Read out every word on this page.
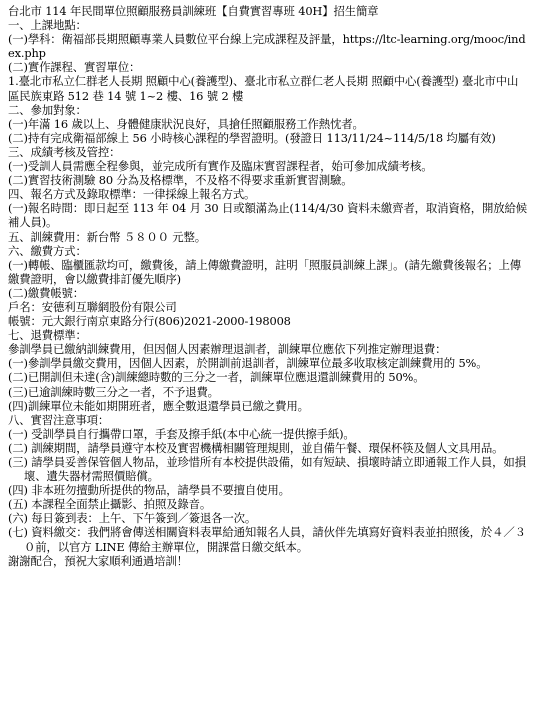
台北市 114 年民間單位照顧服務員訓練班【自費實習專班 40H】招生簡章

一、上課地點：

(一)學科：衛福部長期照顧專業人員數位平台線上完成課程及評量，https://ltc-learning.org/mooc/index.php

(二)實作課程、實習單位：

1.臺北市私立仁群老人長期 照顧中心(養護型)、臺北市私立群仁老人長期 照顧中心(養護型) 臺北市中山區民族東路 512 巷 14 號 1~2 樓、16 號 2 樓

二、參加對象：

(一)年滿 16 歲以上、身體健康狀況良好，具搶任照顧服務工作熱忱者。

(二)持有完成衛福部線上 56 小時核心課程的學習證明。(發證日 113/11/24~114/5/18 均屬有效)

三、成績考核及管控：

(一)受訓人員需應全程參與，並完成所有實作及臨床實習課程者，始可參加成績考核。

(二)實習技術測驗 80 分為及格標準，不及格不得要求重新實習測驗。

四、報名方式及錄取標準：一律採線上報名方式。

(一)報名時間：即日起至 113 年 04 月 30 日或額滿為止(114/4/30 資料未繳齊者，取消資格，開放給候補人員)。

五、訓練費用：新台幣 ５８００ 元整。

六、繳費方式：

(一)轉帳、臨櫃匯款均可，繳費後，請上傳繳費證明，註明「照服員訓練上課」。(請先繳費後報名；上傳繳費證明，會以繳費排訂優先順序)

(二)繳費帳號：

戶名：安德利互聯網股份有限公司

帳號：元大銀行南京東路分行(806)2021-2000-198008

七、退費標準：

參訓學員已繳納訓練費用，但因個人因素辦理退訓者，訓練單位應依下列推定辦理退費：

(一)參訓學員繳交費用，因個人因素，於開訓前退訓者，訓練單位最多收取核定訓練費用的 5%。

(二)已開訓但未達(含)訓練總時數的三分之一者，訓練單位應退還訓練費用的 50%。

(三)已逾訓練時數三分之一者，不予退費。

(四)訓練單位未能如期開班者，應全數退還學員已繳之費用。

八、實習注意事項：

(一) 受訓學員自行攜帶口罩，手套及擦手紙(本中心統一提供擦手紙)。

(二) 訓練期間，請學員遵守本校及實習機構相關管理規則，並自備午餐、環保杯筷及個人文具用品。

(三) 請學員妥善保管個人物品，並珍惜所有本校提供設備，如有短缺、損壞時請立即通報工作人員，如損壞、遺失器材需照價賠償。

(四) 非本班勿擅動所提供的物品，請學員不要擅自使用。

(五) 本課程全面禁止攝影、拍照及錄音。

(六) 每日簽到表：上午、下午簽到／簽退各一次。

(七) 資料繳交：我們將會傳送相關資料表單給通知報名人員，請伙伴先填寫好資料表並拍照後，於４／３０前，以官方 LINE 傳給主辦單位，開課當日繳交紙本。

謝謝配合，預祝大家順利通過培訓！
